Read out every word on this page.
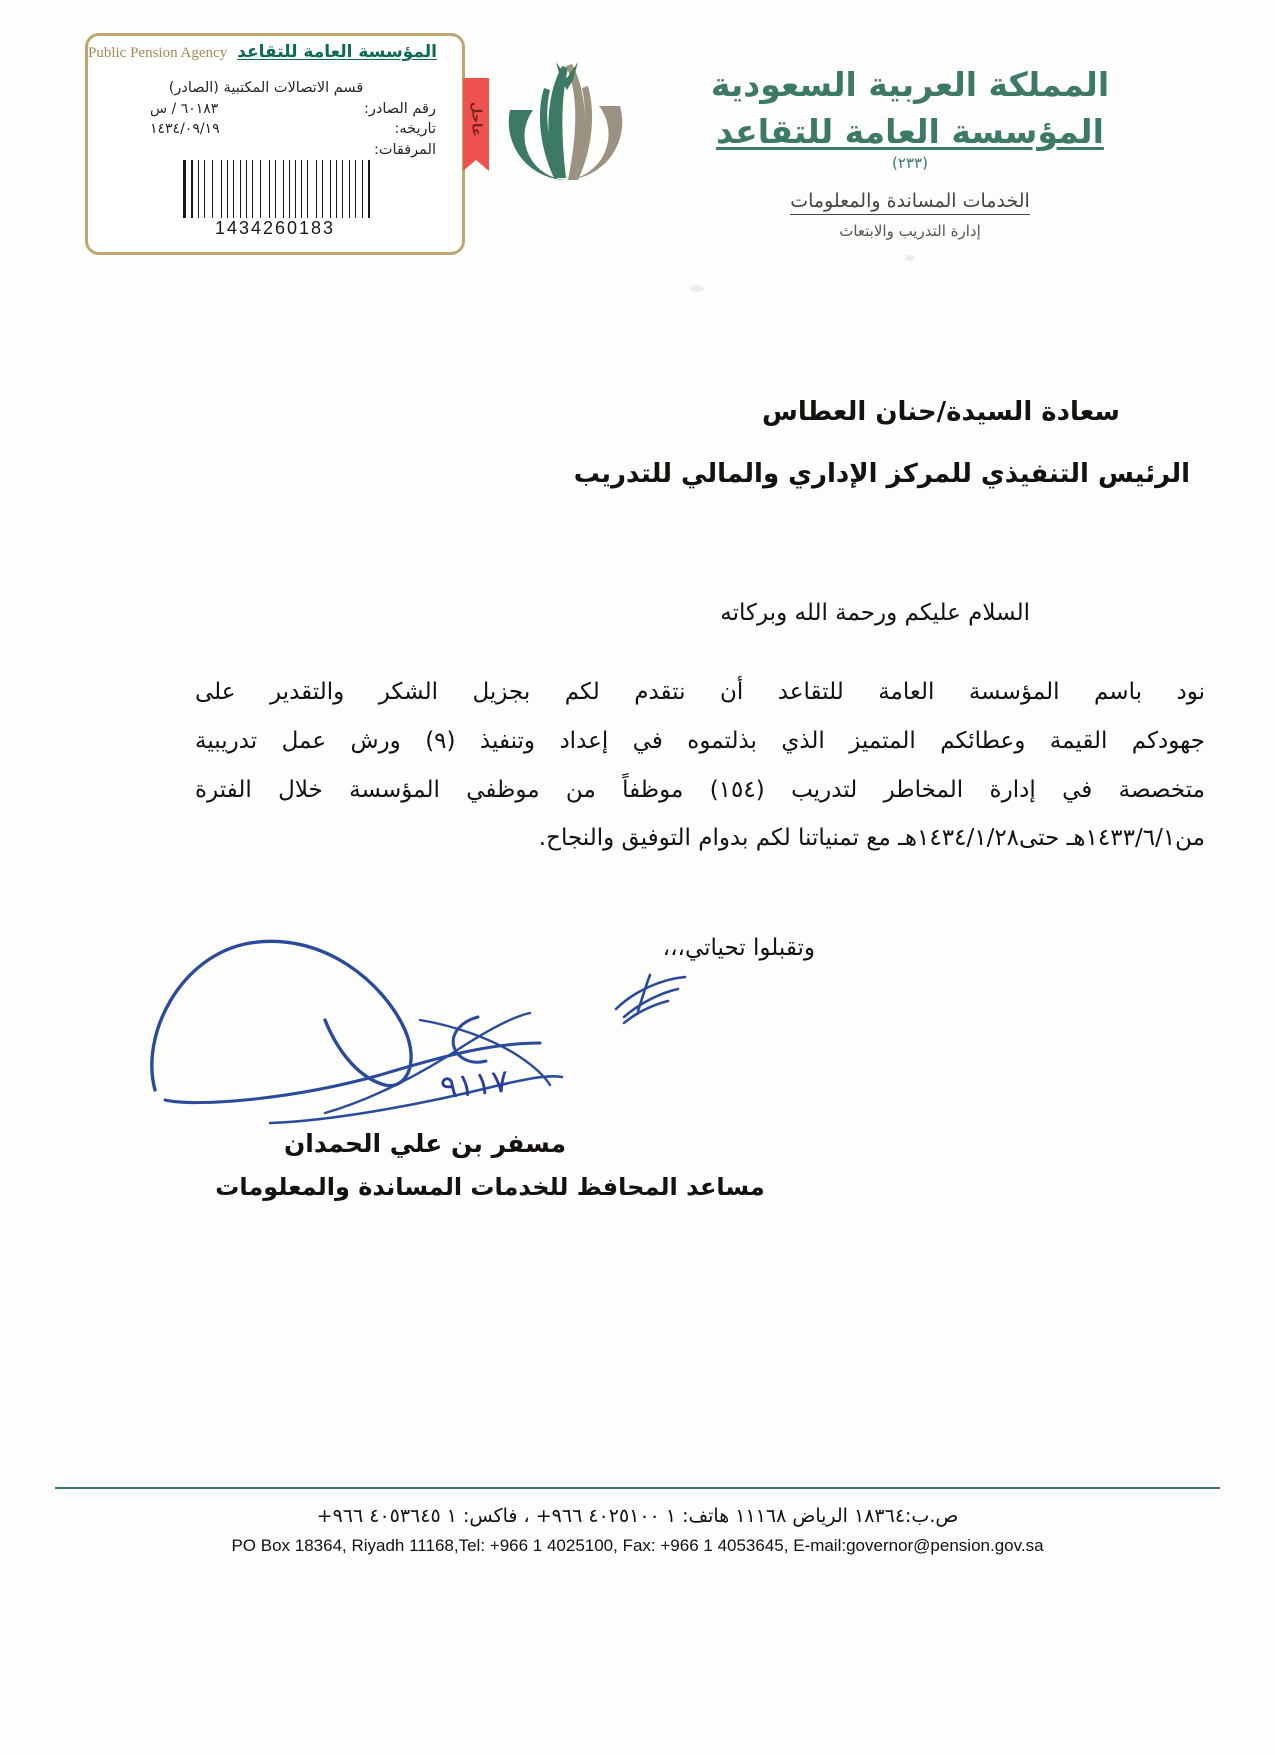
المؤسسة العامة للتقاعد
Public Pension Agency
قسم الاتصالات المكتبية (الصادر)
رقم الصادر:
٦٠١٨٣ / س
تاريخه:
١٤٣٤/٠٩/١٩
المرفقات:
1434260183
عاجل
المملكة العربية السعودية
المؤسسة العامة للتقاعد
(٢٣٣)
الخدمات المساندة والمعلومات
إدارة التدريب والابتعاث
سعادة السيدة/حنان العطاس
الرئيس التنفيذي للمركز الإداري والمالي للتدريب
السلام عليكم ورحمة الله وبركاته

نود باسم المؤسسة العامة للتقاعد أن نتقدم لكم بجزيل الشكر والتقدير على

جهودكم القيمة وعطائكم المتميز الذي بذلتموه في إعداد وتنفيذ (٩) ورش عمل تدريبية

متخصصة في إدارة المخاطر لتدريب (١٥٤) موظفاً من موظفي المؤسسة خلال الفترة

من١٤٣٣/٦/١هـ حتى١٤٣٤/١/٢٨هـ مع تمنياتنا لكم بدوام التوفيق والنجاح.

وتقبلوا تحياتي،،،
٩١١٧
مسفر بن علي الحمدان
مساعد المحافظ للخدمات المساندة والمعلومات
ص.ب:١٨٣٦٤ الرياض ١١١٦٨ هاتف: ١ ٤٠٢٥١٠٠ ٩٦٦+ ، فاكس: ١ ٤٠٥٣٦٤٥ ٩٦٦+
PO Box 18364, Riyadh 11168,Tel: +966 1 4025100, Fax: +966 1 4053645, E-mail:governor@pension.gov.sa
